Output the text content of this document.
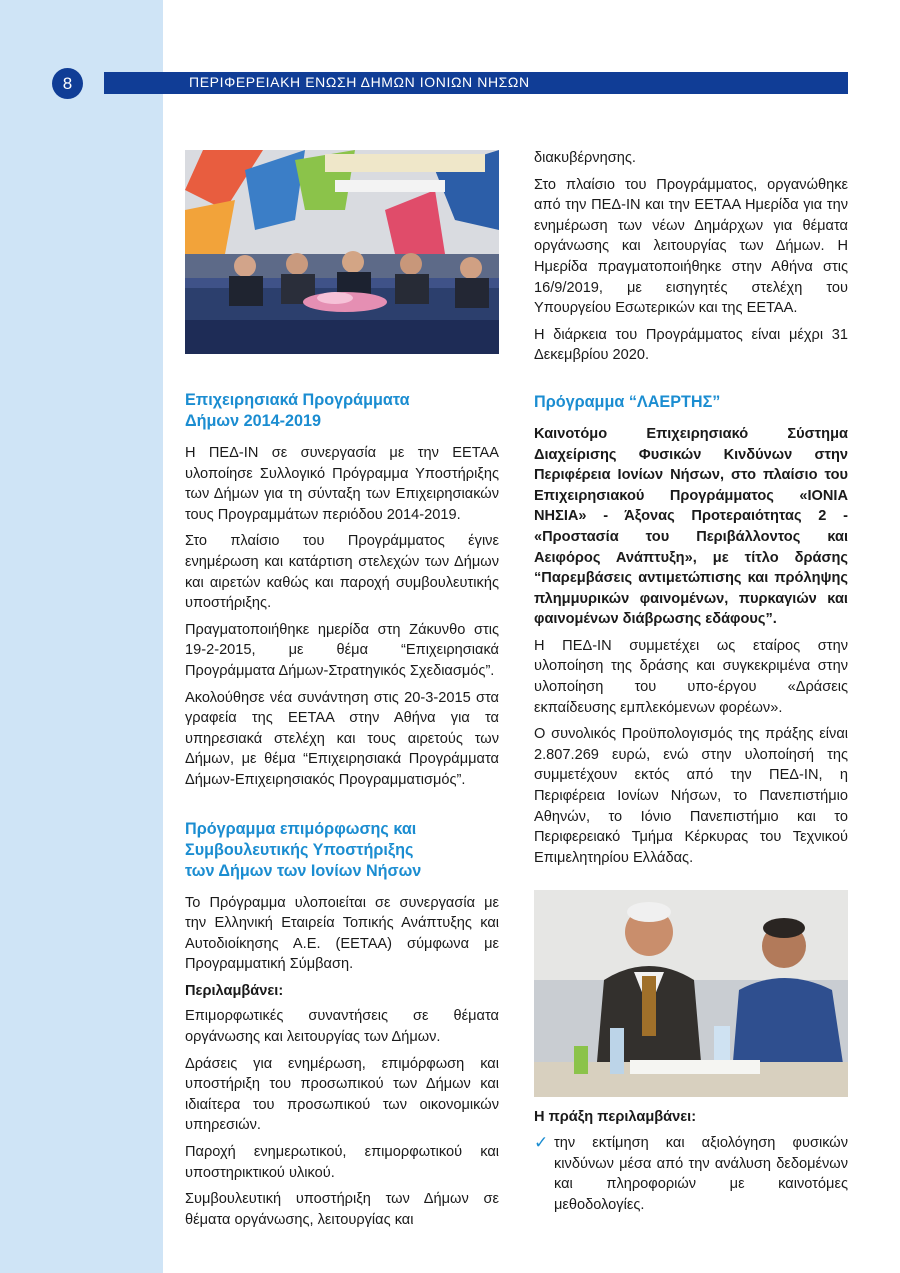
8	ΠΕΡΙΦΕΡΕΙΑΚΗ ΕΝΩΣΗ ΔΗΜΩΝ ΙΟΝΙΩΝ ΝΗΣΩΝ
Επιχειρησιακά Προγράμματα
Δήμων 2014-2019

Η ΠΕΔ-ΙΝ σε συνεργασία με την ΕΕΤΑΑ υλοποίησε Συλλογικό Πρόγραμμα Υποστήριξης των Δήμων για τη σύνταξη των Επιχειρησιακών τους Προγραμμάτων περιόδου 2014-2019.

Στο πλαίσιο του Προγράμματος έγινε ενημέρωση και κατάρτιση στελεχών των Δήμων και αιρετών καθώς και παροχή συμβουλευτικής υποστήριξης.

Πραγματοποιήθηκε ημερίδα στη Ζάκυνθο στις 19-2-2015, με θέμα “Επιχειρησιακά Προγράμματα Δήμων-Στρατηγικός Σχεδιασμός”.

Ακολούθησε νέα συνάντηση στις 20-3-2015 στα γραφεία της ΕΕΤΑΑ στην Αθήνα για τα υπηρεσιακά στελέχη και τους αιρετούς των Δήμων, με θέμα “Επιχειρησιακά Προγράμματα Δήμων-Επιχειρησιακός Προγραμματισμός”.

Πρόγραμμα επιμόρφωσης και
Συμβουλευτικής Υποστήριξης
των Δήμων των Ιονίων Νήσων

Το Πρόγραμμα υλοποιείται σε συνεργασία με την Ελληνική Εταιρεία Τοπικής Ανάπτυξης και Αυτοδιοίκησης Α.Ε. (ΕΕΤΑΑ) σύμφωνα με Προγραμματική Σύμβαση.

Περιλαμβάνει:

Επιμορφωτικές συναντήσεις σε θέματα οργάνωσης και λειτουργίας των Δήμων.

Δράσεις για ενημέρωση, επιμόρφωση και υποστήριξη του προσωπικού των Δήμων και ιδιαίτερα του προσωπικού των οικονομικών υπηρεσιών.

Παροχή ενημερωτικού, επιμορφωτικού και υποστηρικτικού υλικού.

Συμβουλευτική υποστήριξη των Δήμων σε θέματα οργάνωσης, λειτουργίας και

διακυβέρνησης.

Στο πλαίσιο του Προγράμματος, οργανώθηκε από την ΠΕΔ-ΙΝ και την ΕΕΤΑΑ Ημερίδα για την ενημέρωση των νέων Δημάρχων για θέματα οργάνωσης και λειτουργίας των Δήμων. Η Ημερίδα πραγματοποιήθηκε στην Αθήνα στις 16/9/2019, με εισηγητές στελέχη του Υπουργείου Εσωτερικών και της ΕΕΤΑΑ.

Η διάρκεια του Προγράμματος είναι μέχρι 31 Δεκεμβρίου 2020.

Πρόγραμμα “ΛΑΕΡΤΗΣ”

Καινοτόμο Επιχειρησιακό Σύστημα Διαχείρισης Φυσικών Κινδύνων στην Περιφέρεια Ιονίων Νήσων, στο πλαίσιο του Επιχειρησιακού Προγράμματος «ΙΟΝΙΑ ΝΗΣΙΑ» - Άξονας Προτεραιότητας 2 - «Προστασία του Περιβάλλοντος και Αειφόρος Ανάπτυξη», με τίτλο δράσης “Παρεμβάσεις αντιμετώπισης και πρόληψης πλημμυρικών φαινομένων, πυρκαγιών και φαινομένων διάβρωσης εδάφους”.

Η ΠΕΔ-ΙΝ συμμετέχει ως εταίρος στην υλοποίηση της δράσης και συγκεκριμένα στην υλοποίηση του υπο-έργου «Δράσεις εκπαίδευσης εμπλεκόμενων φορέων».

Ο συνολικός Προϋπολογισμός της πράξης είναι 2.807.269 ευρώ, ενώ στην υλοποίησή της συμμετέχουν εκτός από την ΠΕΔ-ΙΝ, η Περιφέρεια Ιονίων Νήσων, το Πανεπιστήμιο Αθηνών, το Ιόνιο Πανεπιστήμιο και το Περιφερειακό Τμήμα Κέρκυρας του Τεχνικού Επιμελητηρίου Ελλάδας.

Η πράξη περιλαμβάνει:

✓ την εκτίμηση και αξιολόγηση φυσικών κινδύνων μέσα από την ανάλυση δεδομένων και πληροφοριών με καινοτόμες μεθοδολογίες.
